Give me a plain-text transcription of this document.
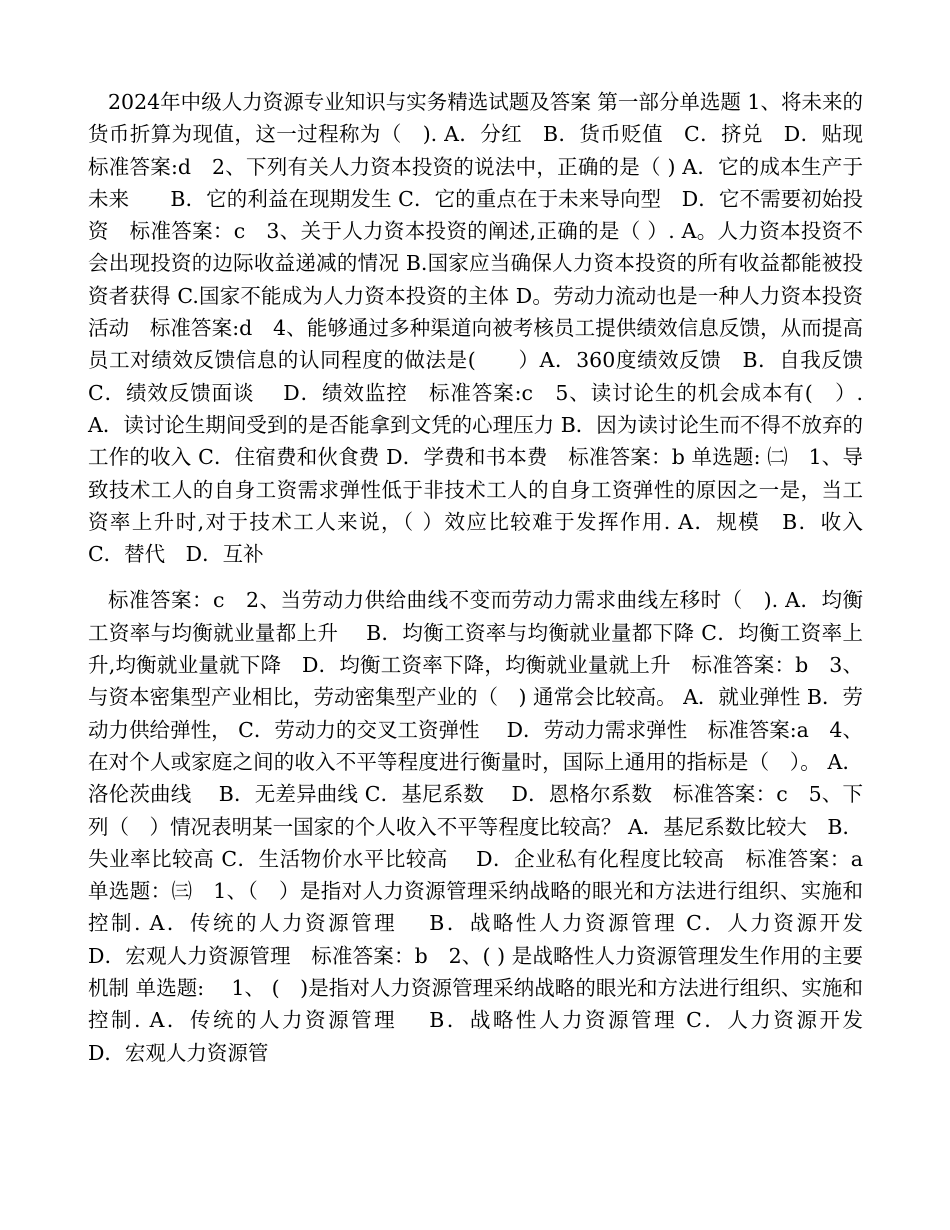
2024年中级人力资源专业知识与实务精选试题及答案 第一部分单选题 1、将未来的货币折算为现值，这一过程称为（　). A．分红　B．货币贬值　C．挤兑　D．贴现　标准答案:d　2、下列有关人力资本投资的说法中，正确的是（ ) A．它的成本生产于未来　　B．它的利益在现期发生 C．它的重点在于未来导向型　D．它不需要初始投资　标准答案：c　3、关于人力资本投资的阐述,正确的是（ ）. A。人力资本投资不会出现投资的边际收益递减的情况 B.国家应当确保人力资本投资的所有收益都能被投资者获得 C.国家不能成为人力资本投资的主体 D。劳动力流动也是一种人力资本投资活动　标准答案:d　4、能够通过多种渠道向被考核员工提供绩效信息反馈，从而提高员工对绩效反馈信息的认同程度的做法是(　　）A．360度绩效反馈　B．自我反馈　 C．绩效反馈面谈　 D．绩效监控　标准答案:c　5、读讨论生的机会成本有(　）. A．读讨论生期间受到的是否能拿到文凭的心理压力 B．因为读讨论生而不得不放弃的工作的收入 C．住宿费和伙食费 D．学费和书本费　标准答案：b 单选题: ㈡　1、导致技术工人的自身工资需求弹性低于非技术工人的自身工资弹性的原因之一是，当工资率上升时,对于技术工人来说，（ ）效应比较难于发挥作用. A．规模　B．收入　C．替代　D．互补

标准答案：c　2、当劳动力供给曲线不变而劳动力需求曲线左移时（　). A．均衡工资率与均衡就业量都上升　 B．均衡工资率与均衡就业量都下降 C．均衡工资率上升,均衡就业量就下降　D．均衡工资率下降，均衡就业量就上升　标准答案：b　3、与资本密集型产业相比，劳动密集型产业的（　) 通常会比较高。 A．就业弹性 B．劳动力供给弹性， C．劳动力的交叉工资弹性　 D．劳动力需求弹性　标准答案:a　4、在对个人或家庭之间的收入不平等程度进行衡量时，国际上通用的指标是（　）。 A．洛伦茨曲线　 B．无差异曲线 C．基尼系数　 D．恩格尔系数　标准答案：c　5、下列（　）情况表明某一国家的个人收入不平等程度比较高？ A．基尼系数比较大　B．失业率比较高 C．生活物价水平比较高　 D．企业私有化程度比较高　标准答案：a 单选题：㈢　1、（　）是指对人力资源管理采纳战略的眼光和方法进行组织、实施和控制. A．传统的人力资源管理　 B．战略性人力资源管理 C．人力资源开发　　　D．宏观人力资源管理　标准答案：b　2、( ) 是战略性人力资源管理发生作用的主要机制 单选题:　 1、 (　)是指对人力资源管理采纳战略的眼光和方法进行组织、实施和控制. A．传统的人力资源管理　 B．战略性人力资源管理 C．人力资源开发　　　D．宏观人力资源管
